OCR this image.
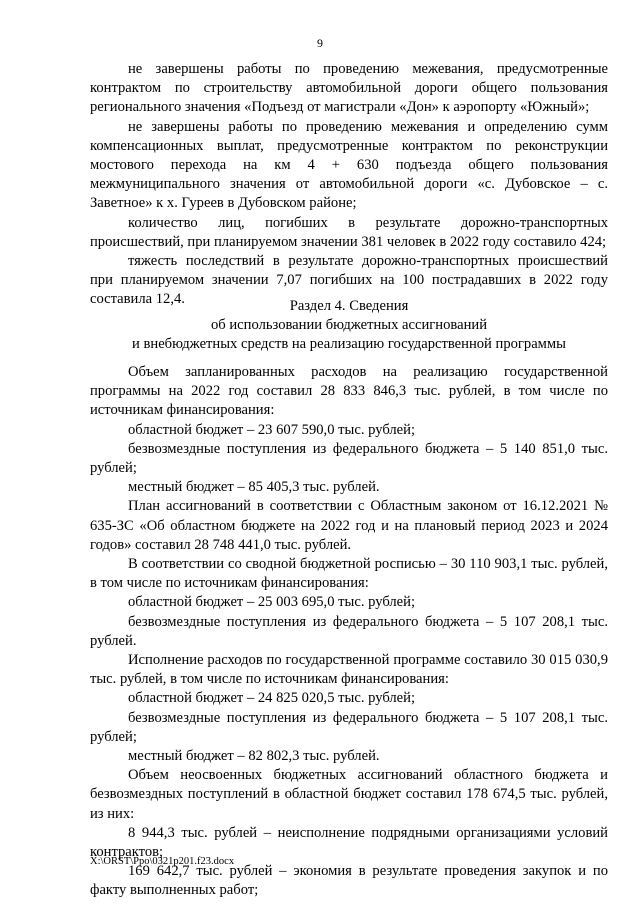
9

не завершены работы по проведению межевания, предусмотренные контрактом по строительству автомобильной дороги общего пользования регионального значения «Подъезд от магистрали «Дон» к аэропорту «Южный»;

не завершены работы по проведению межевания и определению сумм компенсационных выплат, предусмотренные контрактом по реконструкции мостового перехода на км 4 + 630 подъезда общего пользования межмуниципального значения от автомобильной дороги «с. Дубовское – с. Заветное» к х. Гуреев в Дубовском районе;

количество лиц, погибших в результате дорожно-транспортных происшествий, при планируемом значении 381 человек в 2022 году составило 424;

тяжесть последствий в результате дорожно-транспортных происшествий при планируемом значении 7,07 погибших на 100 пострадавших в 2022 году составила 12,4.	Раздел 4. Сведения
об использовании бюджетных ассигнований
и внебюджетных средств на реализацию государственной программы

Объем запланированных расходов на реализацию государственной программы на 2022 год составил 28 833 846,3 тыс. рублей, в том числе по источникам финансирования:

областной бюджет – 23 607 590,0 тыс. рублей;

безвозмездные поступления из федерального бюджета – 5 140 851,0 тыс. рублей;

местный бюджет – 85 405,3 тыс. рублей.

План ассигнований в соответствии с Областным законом от 16.12.2021 № 635-ЗС «Об областном бюджете на 2022 год и на плановый период 2023 и 2024 годов» составил 28 748 441,0 тыс. рублей.

В соответствии со сводной бюджетной росписью – 30 110 903,1 тыс. рублей, в том числе по источникам финансирования:

областной бюджет – 25 003 695,0 тыс. рублей;

безвозмездные поступления из федерального бюджета – 5 107 208,1 тыс. рублей.

Исполнение расходов по государственной программе составило 30 015 030,9 тыс. рублей, в том числе по источникам финансирования:

областной бюджет – 24 825 020,5 тыс. рублей;

безвозмездные поступления из федерального бюджета – 5 107 208,1 тыс. рублей;

местный бюджет – 82 802,3 тыс. рублей.

Объем неосвоенных бюджетных ассигнований областного бюджета и безвозмездных поступлений в областной бюджет составил 178 674,5 тыс. рублей, из них:

8 944,3 тыс. рублей – неисполнение подрядными организациями условий контрактов;

169 642,7 тыс. рублей – экономия в результате проведения закупок и по факту выполненных работ;

X:\ORST\Ppo\0321p201.f23.docx
